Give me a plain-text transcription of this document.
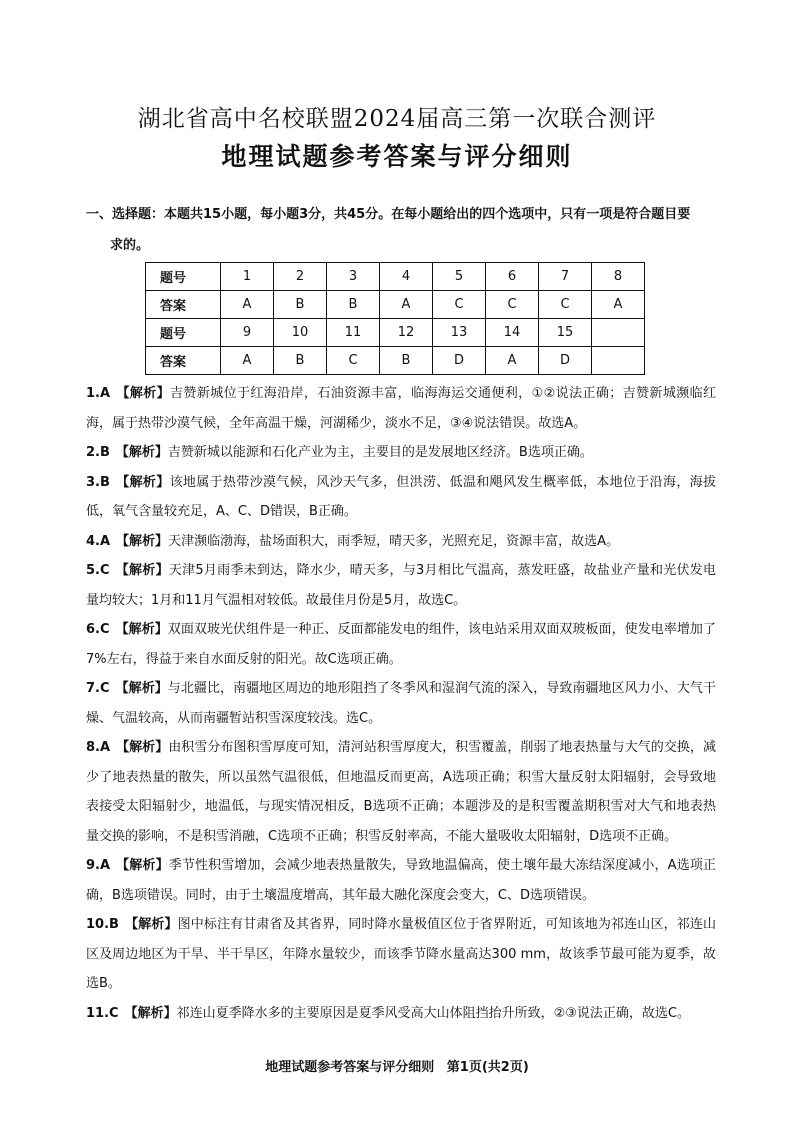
湖北省高中名校联盟2024届高三第一次联合测评
地理试题参考答案与评分细则
一、选择题：本题共15小题，每小题3分，共45分。在每小题给出的四个选项中，只有一项是符合题目要
求的。
题号	1	2	3	4	5	6	7	8
答案	A	B	B	A	C	C	C	A
题号	9	10	11	12	13	14	15	
答案	A	B	C	B	D	A	D	

1.A 【解析】吉赞新城位于红海沿岸，石油资源丰富，临海海运交通便利，①②说法正确；吉赞新城濒临红海，属于热带沙漠气候，全年高温干燥，河湖稀少，淡水不足，③④说法错误。故选A。

2.B 【解析】吉赞新城以能源和石化产业为主，主要目的是发展地区经济。B选项正确。

3.B 【解析】该地属于热带沙漠气候，风沙天气多，但洪涝、低温和飓风发生概率低，本地位于沿海，海拔低，氧气含量较充足，A、C、D错误，B正确。

4.A 【解析】天津濒临渤海，盐场面积大，雨季短，晴天多，光照充足，资源丰富，故选A。

5.C 【解析】天津5月雨季未到达，降水少，晴天多，与3月相比气温高，蒸发旺盛，故盐业产量和光伏发电量均较大；1月和11月气温相对较低。故最佳月份是5月，故选C。

6.C 【解析】双面双玻光伏组件是一种正、反面都能发电的组件，该电站采用双面双玻板面，使发电率增加了7%左右，得益于来自水面反射的阳光。故C选项正确。

7.C 【解析】与北疆比，南疆地区周边的地形阻挡了冬季风和湿润气流的深入，导致南疆地区风力小、大气干燥、气温较高，从而南疆暂站积雪深度较浅。选C。

8.A 【解析】由积雪分布图积雪厚度可知，清河站积雪厚度大，积雪覆盖，削弱了地表热量与大气的交换，减少了地表热量的散失，所以虽然气温很低，但地温反而更高，A选项正确；积雪大量反射太阳辐射，会导致地表接受太阳辐射少，地温低，与现实情况相反，B选项不正确；本题涉及的是积雪覆盖期积雪对大气和地表热量交换的影响，不是积雪消融，C选项不正确；积雪反射率高，不能大量吸收太阳辐射，D选项不正确。

9.A 【解析】季节性积雪增加，会减少地表热量散失，导致地温偏高，使土壤年最大冻结深度减小，A选项正确，B选项错误。同时，由于土壤温度增高，其年最大融化深度会变大，C、D选项错误。

10.B 【解析】图中标注有甘肃省及其省界，同时降水量极值区位于省界附近，可知该地为祁连山区，祁连山区及周边地区为干旱、半干旱区，年降水量较少，而该季节降水量高达300 mm，故该季节最可能为夏季，故选B。

11.C 【解析】祁连山夏季降水多的主要原因是夏季风受高大山体阻挡抬升所致，②③说法正确，故选C。

地理试题参考答案与评分细则 第1页(共2页)
